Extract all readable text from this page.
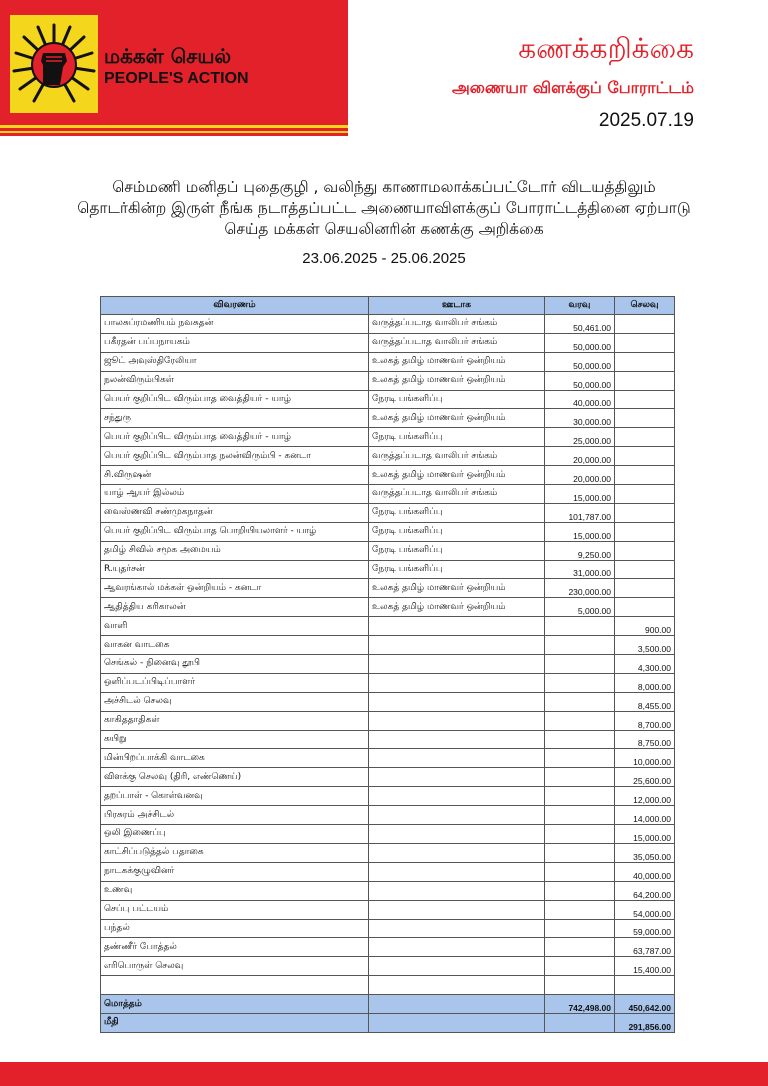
மக்கள் செயல்
PEOPLE'S ACTION
கணக்கறிக்கை
அணையா விளக்குப் போராட்டம்
2025.07.19
செம்மணி மனிதப் புதைகுழி , வலிந்து காணாமலாக்கப்பட்டோர் விடயத்திலும்
தொடர்கின்ற இருள் நீங்க நடாத்தப்பட்ட அணையாவிளக்குப் போராட்டத்தினை ஏற்பாடு
செய்த மக்கள் செயலினரின் கணக்கு அறிக்கை
23.06.2025 - 25.06.2025
விவரணம்	ஊடாக	வரவு	செலவு
பாலசுப்ரமணியம் நவசுதன்	வருத்தப்படாத வாலிபர் சங்கம்	50,461.00	
பகீரதன் பப்பநாயகம்	வருத்தப்படாத வாலிபர் சங்கம்	50,000.00	
ஜூட் அவுஸ்திரேலியா	உலகத் தமிழ் மாணவர் ஒன்றியம்	50,000.00	
நலன்விரும்பிகள்	உலகத் தமிழ் மாணவர் ஒன்றியம்	50,000.00	
பெயர் குறிப்பிட விரும்பாத வைத்தியர் - யாழ்	நேரடி பங்களிப்பு	40,000.00	
சந்துரு	உலகத் தமிழ் மாணவர் ஒன்றியம்	30,000.00	
பெயர் குறிப்பிட விரும்பாத வைத்தியர் - யாழ்	நேரடி பங்களிப்பு	25,000.00	
பெயர் குறிப்பிட விரும்பாத நலன்விரும்பி - கனடா	வருத்தப்படாத வாலிபர் சங்கம்	20,000.00	
சி.விருஷன்	உலகத் தமிழ் மாணவர் ஒன்றியம்	20,000.00	
யாழ் ஆயர் இல்லம்	வருத்தப்படாத வாலிபர் சங்கம்	15,000.00	
வைஸ்ணவி சண்முகநாதன்	நேரடி பங்களிப்பு	101,787.00	
பெயர் குறிப்பிட விரும்பாத பொறியியலாளர் - யாழ்	நேரடி பங்களிப்பு	15,000.00	
தமிழ் சிவில் சமூக அமையம்	நேரடி பங்களிப்பு	9,250.00	
R.யுதர்சன்	நேரடி பங்களிப்பு	31,000.00	
ஆவரங்கால் மக்கள் ஒன்றியம் - கனடா	உலகத் தமிழ் மாணவர் ஒன்றியம்	230,000.00	
ஆதித்திய கரிகாலன்	உலகத் தமிழ் மாணவர் ஒன்றியம்	5,000.00	
வாளி			900.00
வாகன வாடகை			3,500.00
செங்கல் - நினைவு தூபி			4,300.00
ஒளிப்படப்பிடிப்பாளர்			8,000.00
அச்சிடல் செலவு			8,455.00
காகிததாதிகள்			8,700.00
கயிறு			8,750.00
மின்பிறப்பாக்கி வாடகை			10,000.00
விளக்கு செலவு (திரி, எண்ணெய்)			25,600.00
தறப்பாள் - கொள்வனவு			12,000.00
பிரசுரம் அச்சிடல்			14,000.00
ஒலி இணைப்பு			15,000.00
காட்சிப்படுத்தல் பதாகை			35,050.00
நாடகக்குழுவினர்			40,000.00
உணவு			64,200.00
செப்பு பட்டயம்			54,000.00
பந்தல்			59,000.00
தண்ணீர் போத்தல்			63,787.00
எரிபொருள் செலவு			15,400.00

மொத்தம்		742,498.00	450,642.00
மீதி			291,856.00
